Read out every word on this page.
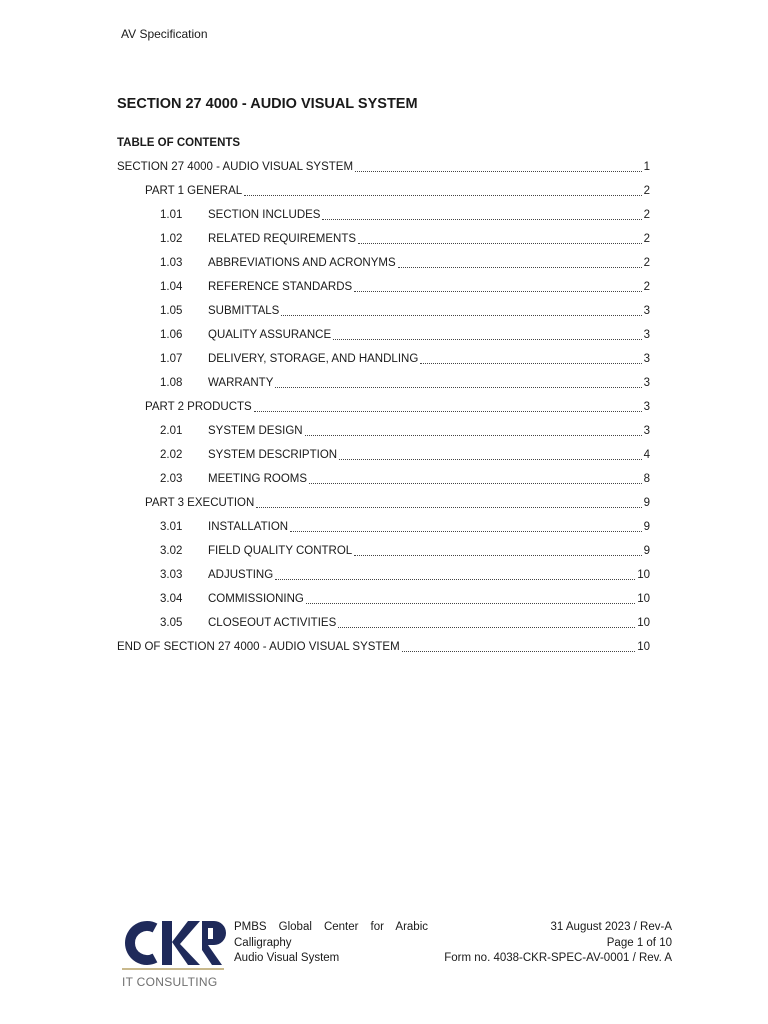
AV Specification
SECTION 27 4000 - AUDIO VISUAL SYSTEM
TABLE OF CONTENTS
SECTION 27 4000 - AUDIO VISUAL SYSTEM	1
PART 1 GENERAL	2
1.01	SECTION INCLUDES	2
1.02	RELATED REQUIREMENTS	2
1.03	ABBREVIATIONS AND ACRONYMS	2
1.04	REFERENCE STANDARDS	2
1.05	SUBMITTALS	3
1.06	QUALITY ASSURANCE	3
1.07	DELIVERY, STORAGE, AND HANDLING	3
1.08	WARRANTY	3
PART 2 PRODUCTS	3
2.01	SYSTEM DESIGN	3
2.02	SYSTEM DESCRIPTION	4
2.03	MEETING ROOMS	8
PART 3 EXECUTION	9
3.01	INSTALLATION	9
3.02	FIELD QUALITY CONTROL	9
3.03	ADJUSTING	10
3.04	COMMISSIONING	10
3.05	CLOSEOUT ACTIVITIES	10
END OF SECTION 27 4000 - AUDIO VISUAL SYSTEM	10
IT CONSULTING
PMBS Global Center for Arabic
Calligraphy
Audio Visual System
31 August 2023 / Rev-A
Page 1 of 10
Form no. 4038-CKR-SPEC-AV-0001 / Rev. A
